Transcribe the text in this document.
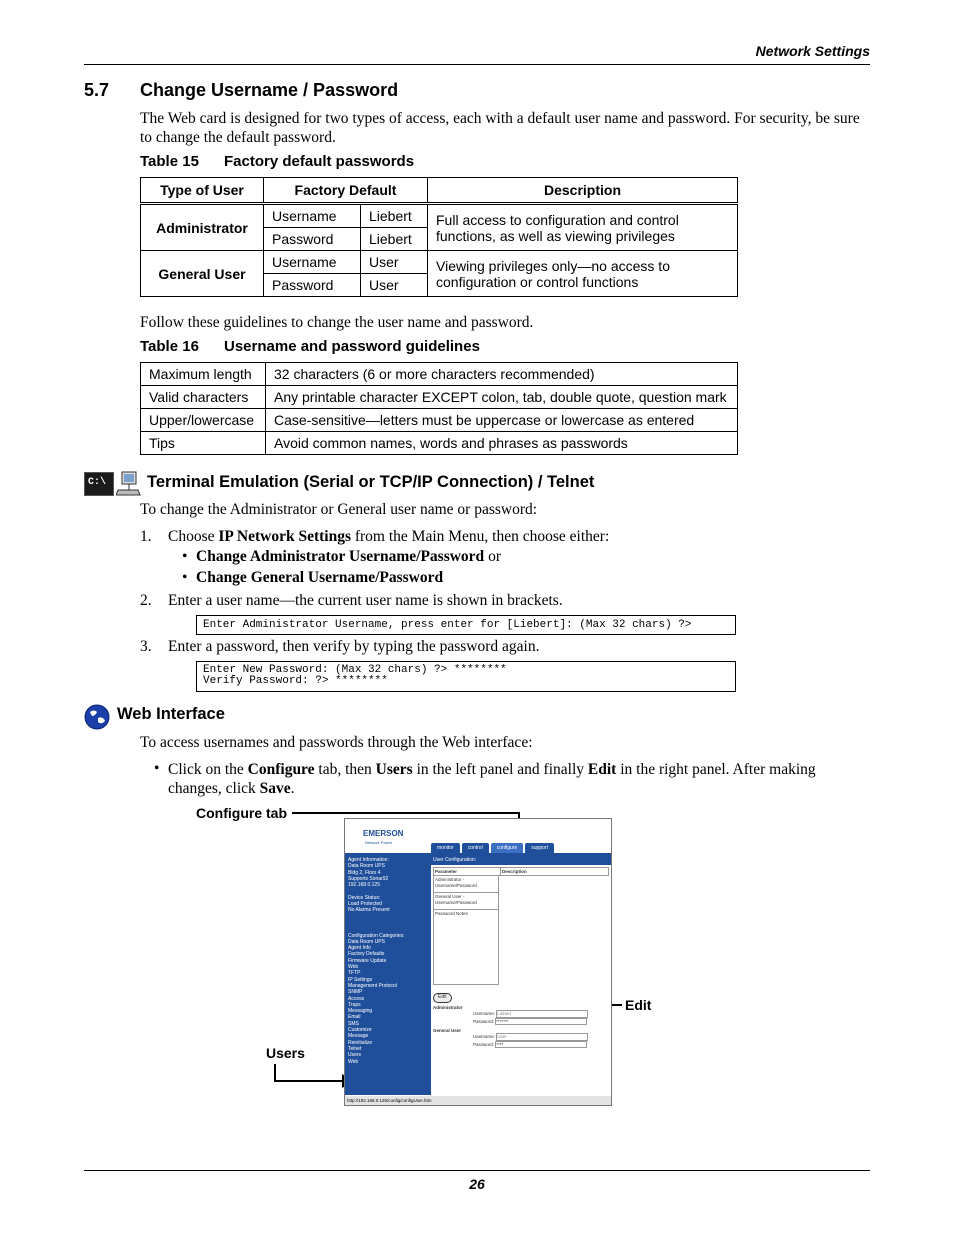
Network Settings
5.7 Change Username / Password
The Web card is designed for two types of access, each with a default user name and password. For security, be sure to change the default password.
Table 15 Factory default passwords
Type of User	Factory Default		Description
Administrator	Username	Liebert	Full access to configuration and control functions, as well as viewing privileges
	Password	Liebert	
General User	Username	User	Viewing privileges only—no access to configuration or control functions
	Password	User	
Follow these guidelines to change the user name and password.
Table 16 Username and password guidelines
Maximum length	32 characters (6 or more characters recommended)
Valid characters	Any printable character EXCEPT colon, tab, double quote, question mark
Upper/lowercase	Case-sensitive—letters must be uppercase or lowercase as entered
Tips	Avoid common names, words and phrases as passwords
C:\	Terminal Emulation (Serial or TCP/IP Connection) / Telnet
To change the Administrator or General user name or password:
1. Choose IP Network Settings from the Main Menu, then choose either:
• Change Administrator Username/Password or
• Change General Username/Password
2. Enter a user name—the current user name is shown in brackets.
Enter Administrator Username, press enter for [Liebert]: (Max 32 chars) ?>
3. Enter a password, then verify by typing the password again.
Enter New Password: (Max 32 chars) ?> ********
Verify Password: ?> ********
Web Interface
To access usernames and passwords through the Web interface:
• Click on the Configure tab, then Users in the left panel and finally Edit in the right panel. After making changes, click Save.
Configure tab
Edit
Users
EMERSON
Network Power
monitor	control	configure	support
User Configuration:
Agent Information:
Data Room UPS
Bldg 2, Floor 4
Supports Sonar92
192.168.0.125
Device Status:
Load Protected
No Alarms Present
Configuration Categories:
Data Room UPS
Agent Info
Factory Defaults
Firmware Update
Web
TFTP
IP Settings
Management Protocol
SNMP
Access
Traps
Messaging
Email
SMS
Customize
Message
Reinitialize
Telnet
Users
Web
Parameter	Description
Administrator - Username/Password
General User - Username/Password
Password Notes
Edit
Administrator
Username: Liebert
Password: *******
General User
Username: User
Password: ****
http://192.168.0.125/config/configUser.htm
26
